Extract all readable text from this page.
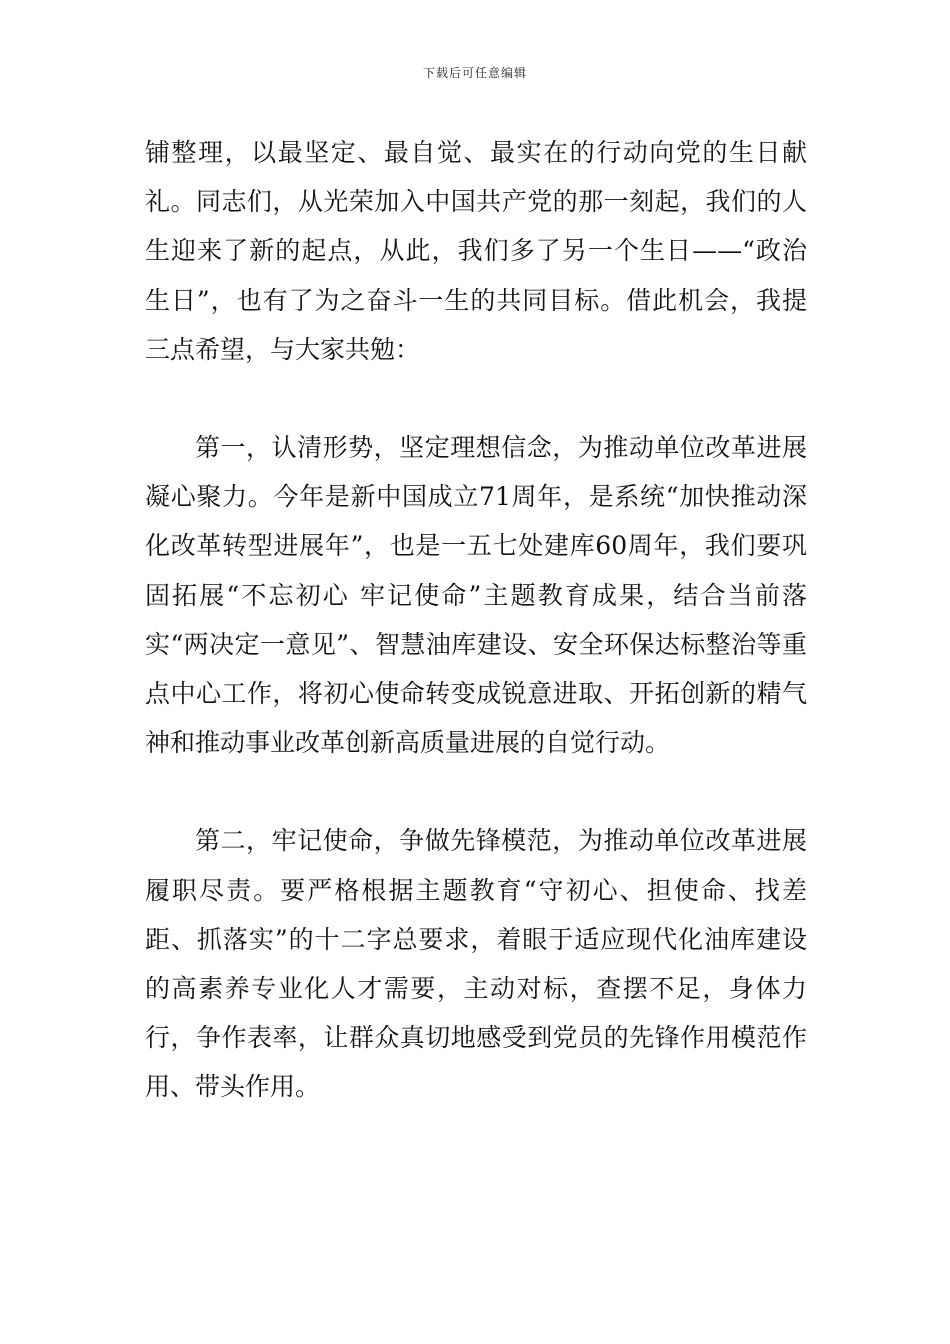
下载后可任意编辑

铺整理，以最坚定、最自觉、最实在的行动向党的生日献礼。同志们，从光荣加入中国共产党的那一刻起，我们的人生迎来了新的起点，从此，我们多了另一个生日——“政治生日”，也有了为之奋斗一生的共同目标。借此机会，我提三点希望，与大家共勉：

第一，认清形势，坚定理想信念，为推动单位改革进展凝心聚力。今年是新中国成立71周年，是系统“加快推动深化改革转型进展年”，也是一五七处建库60周年，我们要巩固拓展“不忘初心 牢记使命”主题教育成果，结合当前落实“两决定一意见”、智慧油库建设、安全环保达标整治等重点中心工作，将初心使命转变成锐意进取、开拓创新的精气神和推动事业改革创新高质量进展的自觉行动。

第二，牢记使命，争做先锋模范，为推动单位改革进展履职尽责。要严格根据主题教育“守初心、担使命、找差距、抓落实”的十二字总要求，着眼于适应现代化油库建设的高素养专业化人才需要，主动对标，查摆不足，身体力行，争作表率，让群众真切地感受到党员的先锋作用模范作用、带头作用。
